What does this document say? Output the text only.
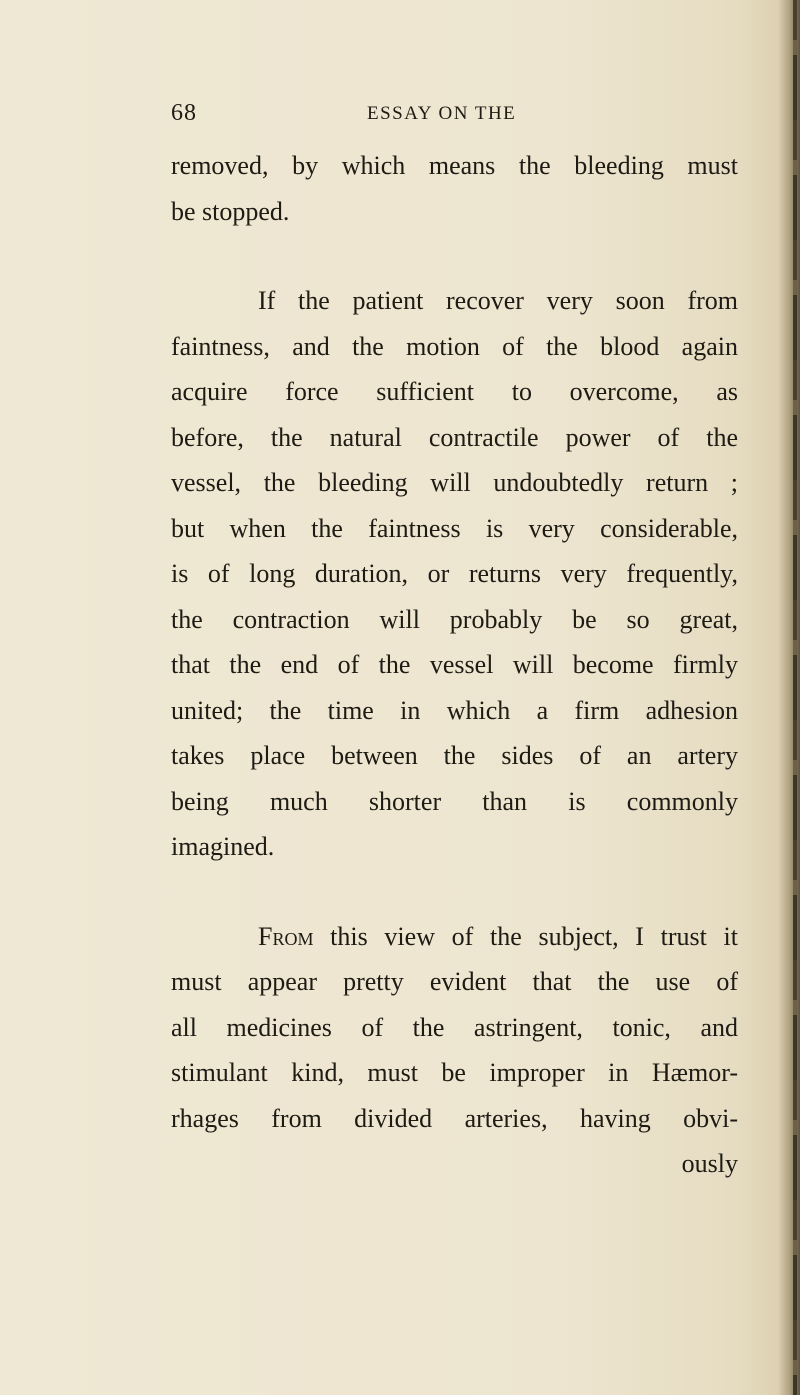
68	ESSAY ON THE

removed, by which means the bleeding must
be stopped.

If the patient recover very soon from
faintness, and the motion of the blood again
acquire force sufficient to overcome, as
before, the natural contractile power of the
vessel, the bleeding will undoubtedly return ;
but when the faintness is very considerable,
is of long duration, or returns very frequently,
the contraction will probably be so great,
that the end of the vessel will become firmly
united; the time in which a firm adhesion
takes place between the sides of an artery
being much shorter than is commonly
imagined.

From this view of the subject, I trust it
must appear pretty evident that the use of
all medicines of the astringent, tonic, and
stimulant kind, must be improper in Hæmor-
rhages from divided arteries, having obvi-
ously
